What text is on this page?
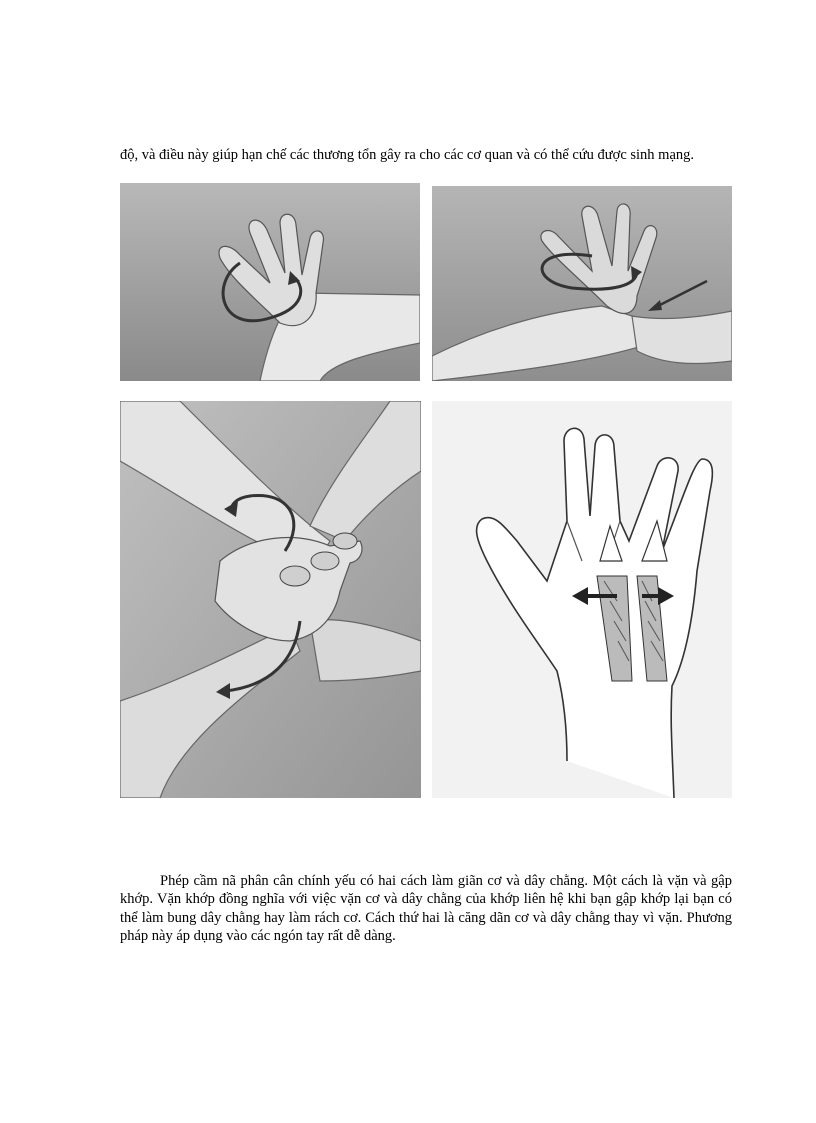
độ, và điều này giúp hạn chế các thương tổn gây ra cho các cơ quan và có thể cứu được sinh mạng.

Phép cầm nã phân cân chính yếu có hai cách làm giãn cơ và dây chằng. Một cách là vặn và gập khớp. Vặn khớp đồng nghĩa với việc vặn cơ và dây chằng của khớp liên hệ khi bạn gập khớp lại bạn có thể làm bung dây chằng hay làm rách cơ. Cách thứ hai là căng dãn cơ và dây chằng thay vì vặn. Phương pháp này áp dụng vào các ngón tay rất dễ dàng.
